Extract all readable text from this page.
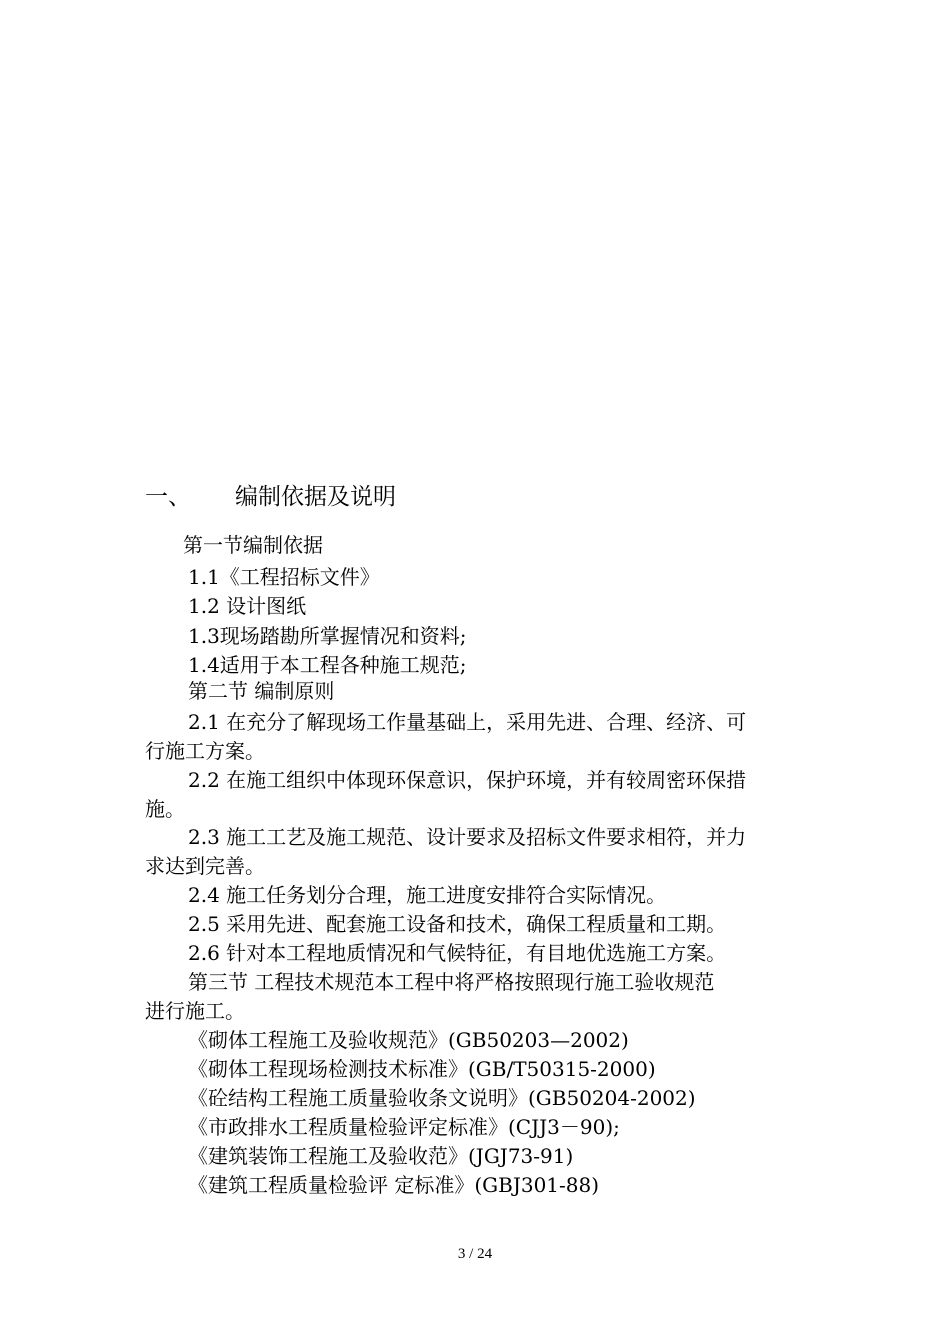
一、 编制依据及说明
第一节编制依据
1.1《工程招标文件》
1.2 设计图纸
1.3现场踏勘所掌握情况和资料;
1.4适用于本工程各种施工规范;
第二节 编制原则
2.1 在充分了解现场工作量基础上，采用先进、合理、经济、可
行施工方案。
2.2 在施工组织中体现环保意识，保护环境，并有较周密环保措
施。
2.3 施工工艺及施工规范、设计要求及招标文件要求相符，并力
求达到完善。
2.4 施工任务划分合理，施工进度安排符合实际情况。
2.5 采用先进、配套施工设备和技术，确保工程质量和工期。
2.6 针对本工程地质情况和气候特征，有目地优选施工方案。
第三节 工程技术规范本工程中将严格按照现行施工验收规范
进行施工。
《砌体工程施工及验收规范》(GB50203—2002)
《砌体工程现场检测技术标准》(GB/T50315-2000)
《砼结构工程施工质量验收条文说明》(GB50204-2002)
《市政排水工程质量检验评定标准》(CJJ3－90);
《建筑装饰工程施工及验收范》(JGJ73-91)
《建筑工程质量检验评 定标准》(GBJ301-88)
3 / 24
